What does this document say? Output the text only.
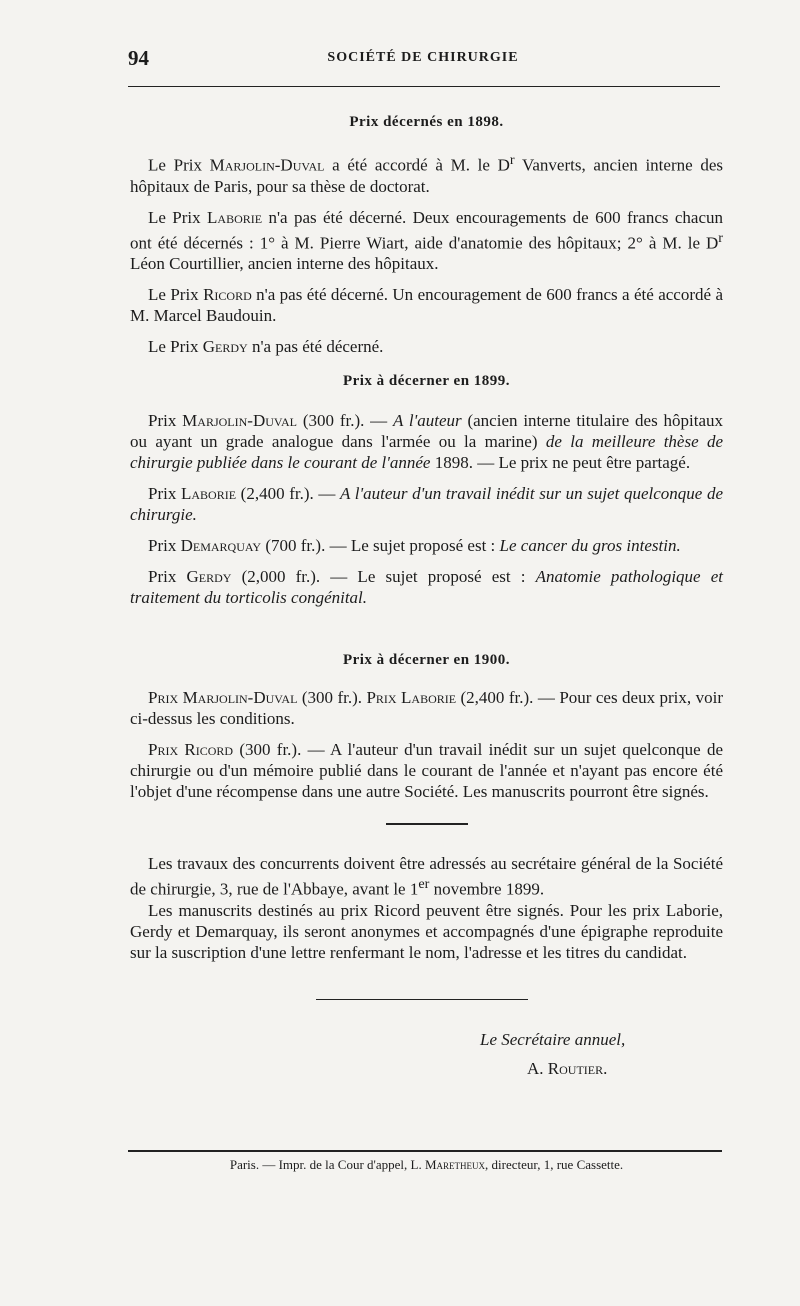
94	SOCIÉTÉ DE CHIRURGIE
Prix décernés en 1898.

Le Prix Marjolin-Duval a été accordé à M. le $D^r$ Vanverts, ancien interne des hôpitaux de Paris, pour sa thèse de doctorat.

Le Prix Laborie n'a pas été décerné. Deux encouragements de 600 francs chacun ont été décernés : 1° à M. Pierre Wiart, aide d'anatomie des hôpitaux; 2° à M. le $D^r$ Léon Courtillier, ancien interne des hôpitaux.

Le Prix Ricord n'a pas été décerné. Un encouragement de 600 francs a été accordé à M. Marcel Baudouin.

Le Prix Gerdy n'a pas été décerné.

Prix à décerner en 1899.

Prix Marjolin-Duval (300 fr.). — A l'auteur (ancien interne titulaire des hôpitaux ou ayant un grade analogue dans l'armée ou la marine) de la meilleure thèse de chirurgie publiée dans le courant de l'année 1898. — Le prix ne peut être partagé.

Prix Laborie (2,400 fr.). — A l'auteur d'un travail inédit sur un sujet quelconque de chirurgie.

Prix Demarquay (700 fr.). — Le sujet proposé est : Le cancer du gros intestin.

Prix Gerdy (2,000 fr.). — Le sujet proposé est : Anatomie pathologique et traitement du torticolis congénital.

Prix à décerner en 1900.

Prix Marjolin-Duval (300 fr.). Prix Laborie (2,400 fr.). — Pour ces deux prix, voir ci-dessus les conditions.

Prix Ricord (300 fr.). — A l'auteur d'un travail inédit sur un sujet quelconque de chirurgie ou d'un mémoire publié dans le courant de l'année et n'ayant pas encore été l'objet d'une récompense dans une autre Société. Les manuscrits pourront être signés.

Les travaux des concurrents doivent être adressés au secrétaire général de la Société de chirurgie, 3, rue de l'Abbaye, avant le 1er novembre 1899.

Les manuscrits destinés au prix Ricord peuvent être signés. Pour les prix Laborie, Gerdy et Demarquay, ils seront anonymes et accompagnés d'une épigraphe reproduite sur la suscription d'une lettre renfermant le nom, l'adresse et les titres du candidat.

Le Secrétaire annuel,
A. Routier.
Paris. — Impr. de la Cour d'appel, L. Maretheux, directeur, 1, rue Cassette.
